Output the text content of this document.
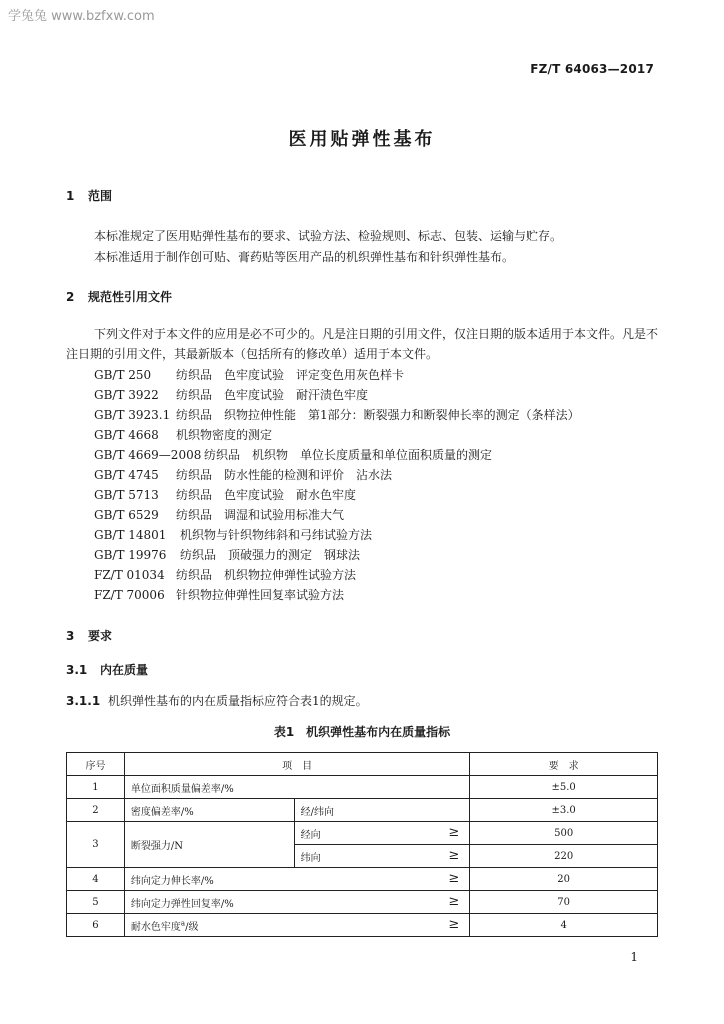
学兔兔 www.bzfxw.com
FZ/T 64063—2017
医用贴弹性基布
1 范围
本标准规定了医用贴弹性基布的要求、试验方法、检验规则、标志、包装、运输与贮存。
本标准适用于制作创可贴、膏药贴等医用产品的机织弹性基布和针织弹性基布。
2 规范性引用文件
下列文件对于本文件的应用是必不可少的。凡是注日期的引用文件，仅注日期的版本适用于本文件。凡是不注日期的引用文件，其最新版本（包括所有的修改单）适用于本文件。
GB/T 250 纺织品　色牢度试验　评定变色用灰色样卡
GB/T 3922 纺织品　色牢度试验　耐汗渍色牢度
GB/T 3923.1 纺织品　织物拉伸性能　第1部分：断裂强力和断裂伸长率的测定（条样法）
GB/T 4668 机织物密度的测定
GB/T 4669—2008 纺织品　机织物　单位长度质量和单位面积质量的测定
GB/T 4745 纺织品　防水性能的检测和评价　沾水法
GB/T 5713 纺织品　色牢度试验　耐水色牢度
GB/T 6529 纺织品　调湿和试验用标准大气
GB/T 14801 机织物与针织物纬斜和弓纬试验方法
GB/T 19976 纺织品　顶破强力的测定　钢球法
FZ/T 01034 纺织品　机织物拉伸弹性试验方法
FZ/T 70006 针织物拉伸弹性回复率试验方法
3 要求
3.1 内在质量
3.1.1 机织弹性基布的内在质量指标应符合表1的规定。
表1　机织弹性基布内在质量指标
序号	项　目		要　求
1	单位面积质量偏差率/%		±5.0
2	密度偏差率/%	经/纬向	±3.0
3	断裂强力/N	经向 ≥	500
		纬向 ≥	220
4	纬向定力伸长率/% ≥		20
5	纬向定力弹性回复率/% ≥		70
6	耐水色牢度$^a$/级 ≥		4
1
